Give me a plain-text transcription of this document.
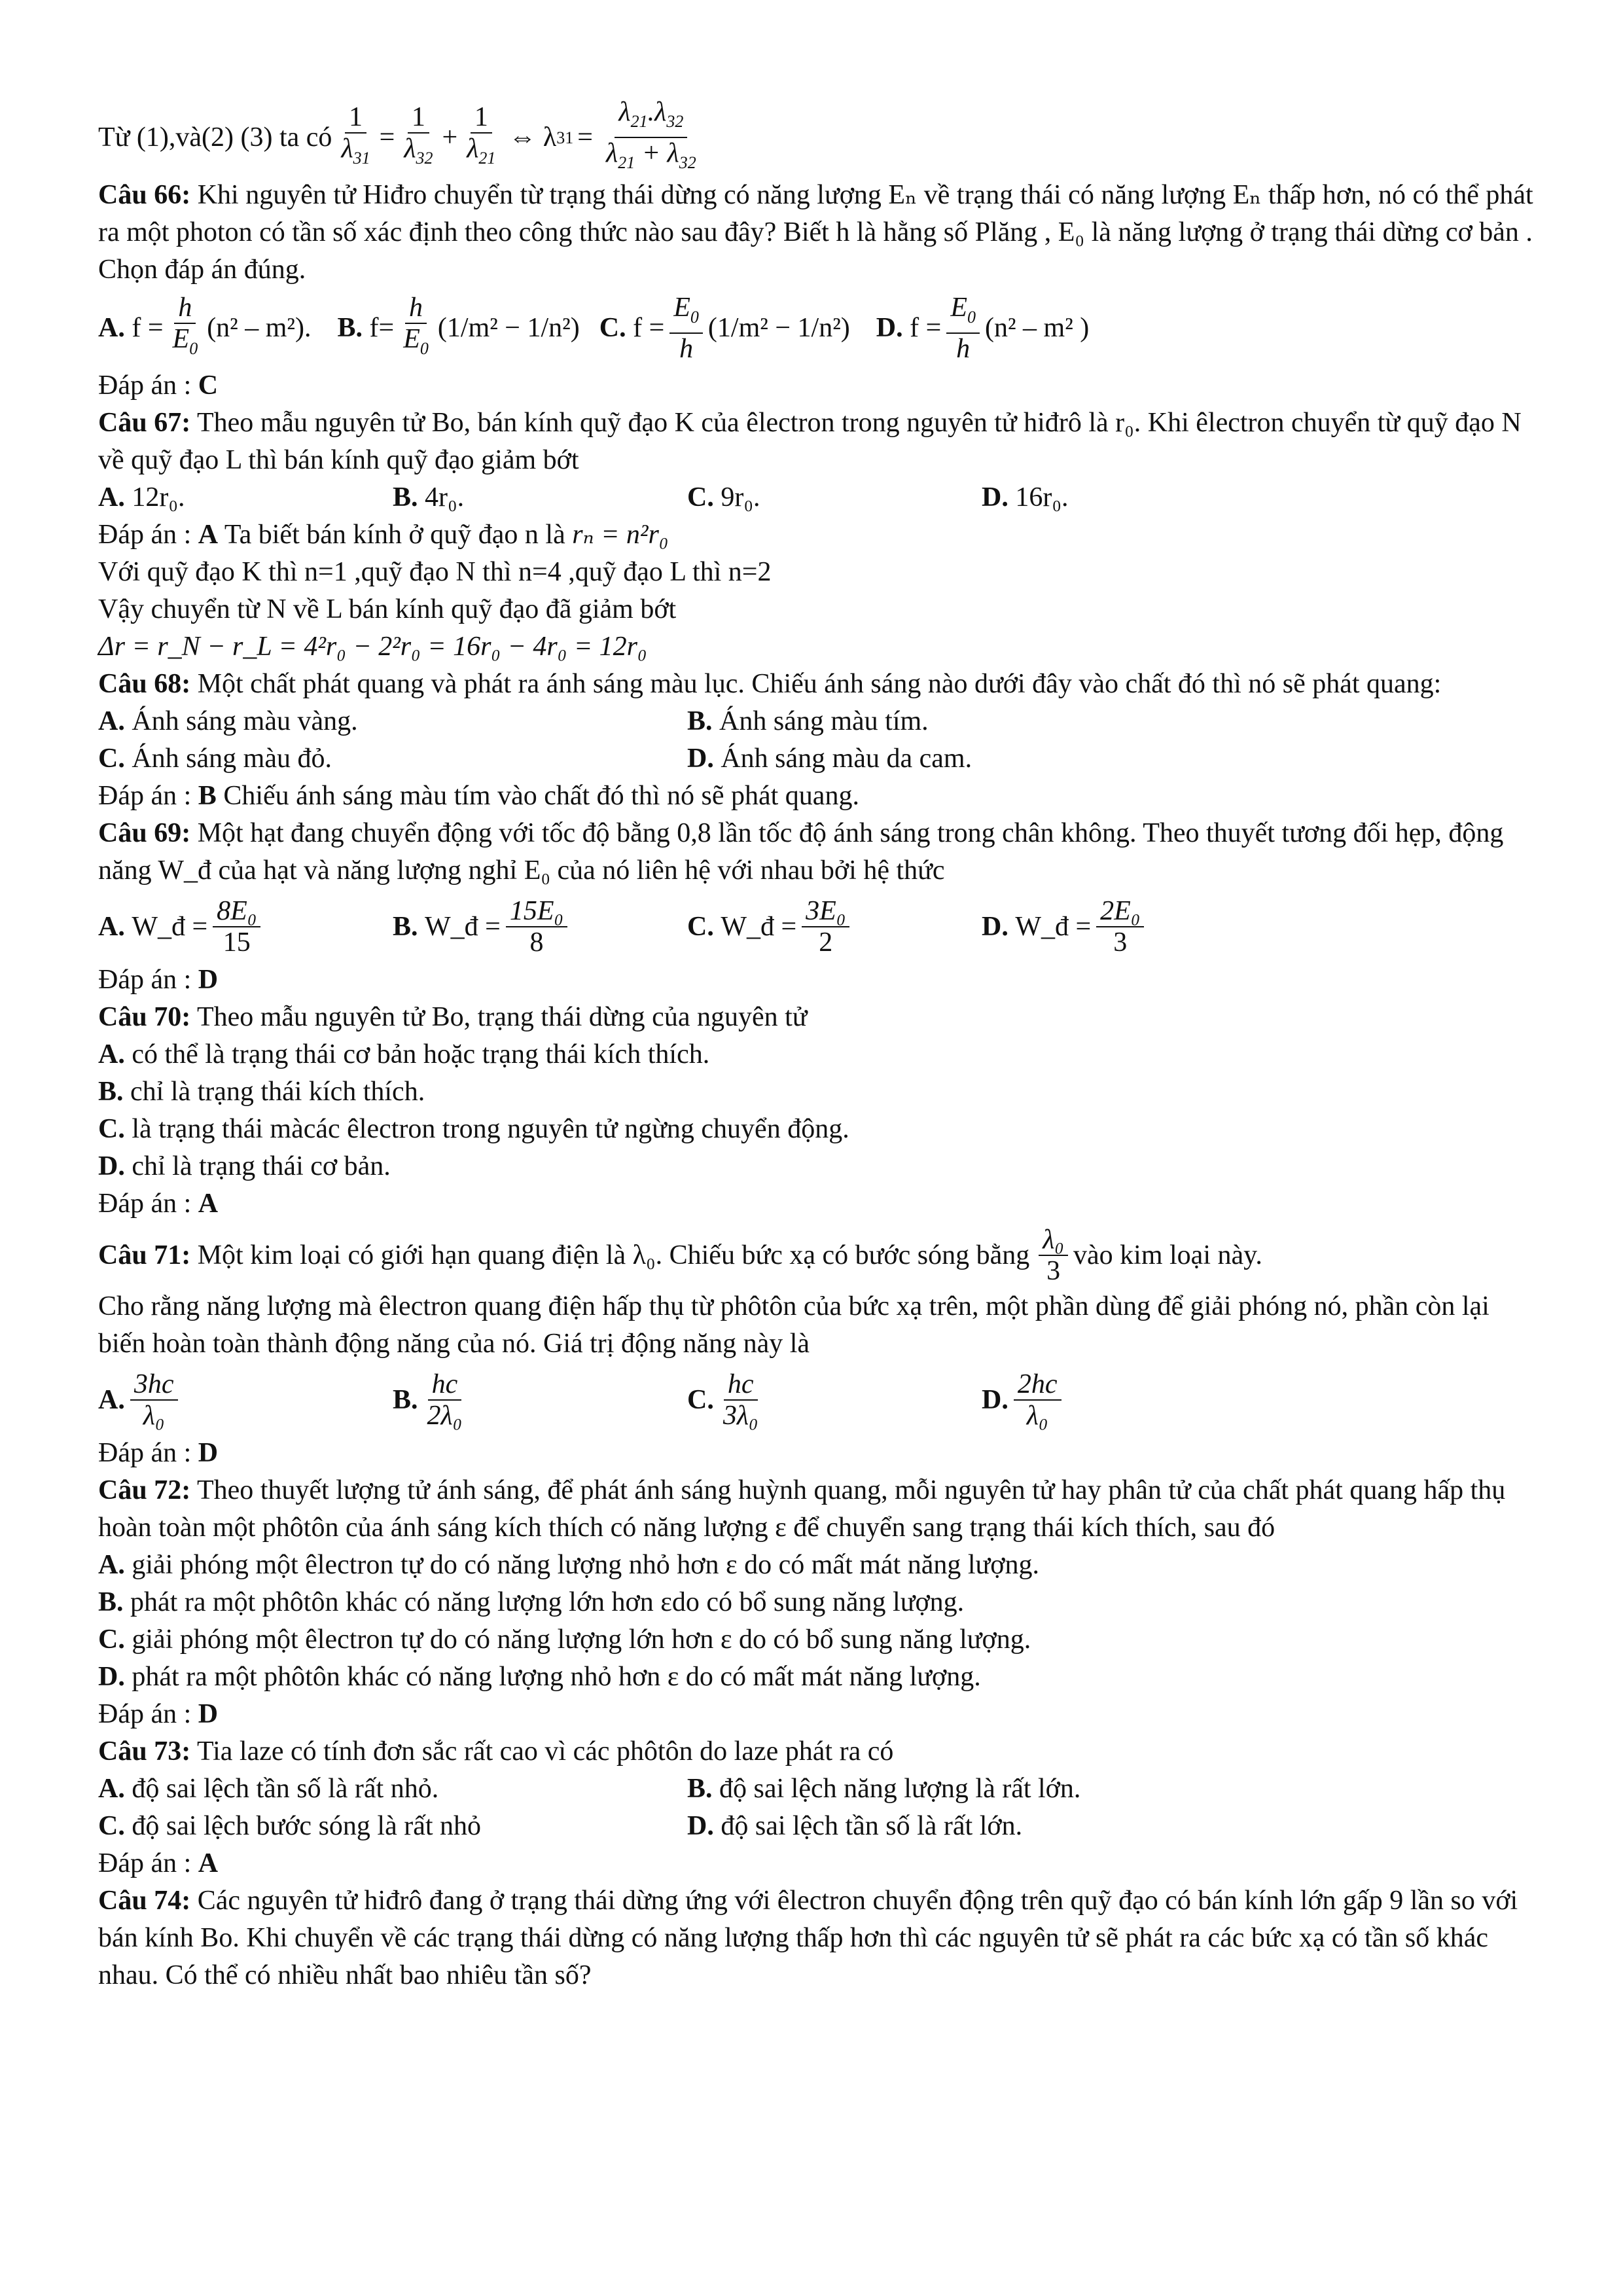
Từ (1),và(2) (3) ta có $\frac{1}{\lambda_{31}} = \frac{1}{\lambda_{32}} + \frac{1}{\lambda_{21}}$ ⇔ λ $31 = \frac{\lambda_{21}.\lambda_{32}}{\lambda_{21} + \lambda_{32}}$

Câu 66: Khi nguyên tử Hiđro chuyển từ trạng thái dừng có năng lượng Eₙ về trạng thái có năng lượng Eₙ thấp hơn, nó có thể phát ra một photon có tần số xác định theo công thức nào sau đây? Biết h là hằng số Plăng , E₀ là năng lượng ở trạng thái dừng cơ bản . Chọn đáp án đúng.

A. $f = \frac{h}{E_0} (n^2 - m^2)$. B. $f= \frac{h}{E_0} (1/m^2 - 1/n^2)$ C. $f = \frac{E_0}{h} (1/m^2 - 1/n^2)$ D. $f = \frac{E_0}{h} (n^2 - m^2$ )

Đáp án : C

Câu 67: Theo mẫu nguyên tử Bo, bán kính quỹ đạo K của êlectron trong nguyên tử hiđrô là r₀. Khi êlectron chuyển từ quỹ đạo N về quỹ đạo L thì bán kính quỹ đạo giảm bớt

A. 12r₀.	B. 4r₀.	C. 9r₀.	D. 16r₀.

Đáp án : A Ta biết bán kính ở quỹ đạo n là rₙ = n²r₀

Với quỹ đạo K thì n=1 ,quỹ đạo N thì n=4 ,quỹ đạo L thì n=2

Vậy chuyển từ N về L bán kính quỹ đạo đã giảm bớt

Δr = r_N − r_L = 4²r₀ − 2²r₀ = 16r₀ − 4r₀ = 12r₀

Câu 68: Một chất phát quang và phát ra ánh sáng màu lục. Chiếu ánh sáng nào dưới đây vào chất đó thì nó sẽ phát quang:

A. Ánh sáng màu vàng.	B. Ánh sáng màu tím.
C. Ánh sáng màu đỏ.	D. Ánh sáng màu da cam.

Đáp án : B Chiếu ánh sáng màu tím vào chất đó thì nó sẽ phát quang.

Câu 69: Một hạt đang chuyển động với tốc độ bằng 0,8 lần tốc độ ánh sáng trong chân không. Theo thuyết tương đối hẹp, động năng W_đ của hạt và năng lượng nghỉ E₀ của nó liên hệ với nhau bởi hệ thức

A.
W_đ = $\frac{\text{8E₀}}{15}$	B.
W_đ = $\frac{\text{15E₀}}{8}$	C.
W_đ = $\frac{\text{3E₀}}{2}$	D.
W_đ = $\frac{\text{2E₀}}{3}$

Đáp án : D

Câu 70: Theo mẫu nguyên tử Bo, trạng thái dừng của nguyên tử

A. có thể là trạng thái cơ bản hoặc trạng thái kích thích.

B. chỉ là trạng thái kích thích.

C. là trạng thái màcác êlectron trong nguyên tử ngừng chuyển động.

D. chỉ là trạng thái cơ bản.

Đáp án : A

Câu 71:
Một kim loại có giới hạn quang điện là λ₀. Chiếu bức xạ có bước sóng bằng $\frac{\text{λ₀}}{3}$ vào kim loại này.

Cho rằng năng lượng mà êlectron quang điện hấp thụ từ phôtôn của bức xạ trên, một phần dùng để giải phóng nó, phần còn lại biến hoàn toàn thành động năng của nó. Giá trị động năng này là

A. $\frac{3hc}{\text{λ₀}}$	B. $\frac{hc}{\text{2λ₀}}$	C. $\frac{hc}{\text{3λ₀}}$	D. $\frac{2hc}{\text{λ₀}}$

Đáp án : D

Câu 72: Theo thuyết lượng tử ánh sáng, để phát ánh sáng huỳnh quang, mỗi nguyên tử hay phân tử của chất phát quang hấp thụ hoàn toàn một phôtôn của ánh sáng kích thích có năng lượng ε để chuyển sang trạng thái kích thích, sau đó

A. giải phóng một êlectron tự do có năng lượng nhỏ hơn ε do có mất mát năng lượng.

B. phát ra một phôtôn khác có năng lượng lớn hơn εdo có bổ sung năng lượng.

C. giải phóng một êlectron tự do có năng lượng lớn hơn ε do có bổ sung năng lượng.

D. phát ra một phôtôn khác có năng lượng nhỏ hơn ε do có mất mát năng lượng.

Đáp án : D

Câu 73: Tia laze có tính đơn sắc rất cao vì các phôtôn do laze phát ra có

A. độ sai lệch tần số là rất nhỏ.	B. độ sai lệch năng lượng là rất lớn.
C. độ sai lệch bước sóng là rất nhỏ	D. độ sai lệch tần số là rất lớn.

Đáp án : A

Câu 74: Các nguyên tử hiđrô đang ở trạng thái dừng ứng với êlectron chuyển động trên quỹ đạo có bán kính lớn gấp 9 lần so với bán kính Bo. Khi chuyển về các trạng thái dừng có năng lượng thấp hơn thì các nguyên tử sẽ phát ra các bức xạ có tần số khác nhau. Có thể có nhiều nhất bao nhiêu tần số?
